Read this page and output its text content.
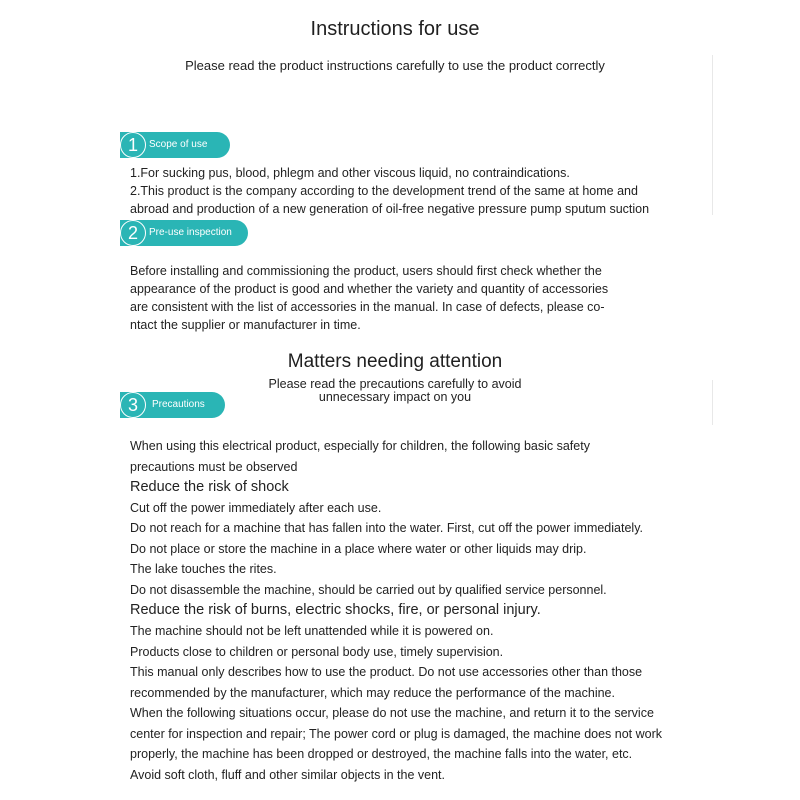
Instructions for use
Please read the product instructions carefully to use the product correctly
1	Scope of use
1.For sucking pus, blood, phlegm and other viscous liquid, no contraindications.
2.This product is the company according to the development trend of the same at home and
abroad and production of a new generation of oil-free negative pressure pump sputum suction
2	Pre-use inspection
Before installing and commissioning the product, users should first check whether the
appearance of the product is good and whether the variety and quantity of accessories
are consistent with the list of accessories in the manual. In case of defects, please co-
ntact the supplier or manufacturer in time.
Matters needing attention
Please read the precautions carefully to avoid
unnecessary impact on you
3	Precautions
When using this electrical product, especially for children, the following basic safety
precautions must be observed
Reduce the risk of shock
Cut off the power immediately after each use.
Do not reach for a machine that has fallen into the water. First, cut off the power immediately.
Do not place or store the machine in a place where water or other liquids may drip.
The lake touches the rites.
Do not disassemble the machine, should be carried out by qualified service personnel.
Reduce the risk of burns, electric shocks, fire, or personal injury.
The machine should not be left unattended while it is powered on.
Products close to children or personal body use, timely supervision.
This manual only describes how to use the product. Do not use accessories other than those
recommended by the manufacturer, which may reduce the performance of the machine.
When the following situations occur, please do not use the machine, and return it to the service
center for inspection and repair; The power cord or plug is damaged, the machine does not work
properly, the machine has been dropped or destroyed, the machine falls into the water, etc.
Avoid soft cloth, fluff and other similar objects in the vent.
